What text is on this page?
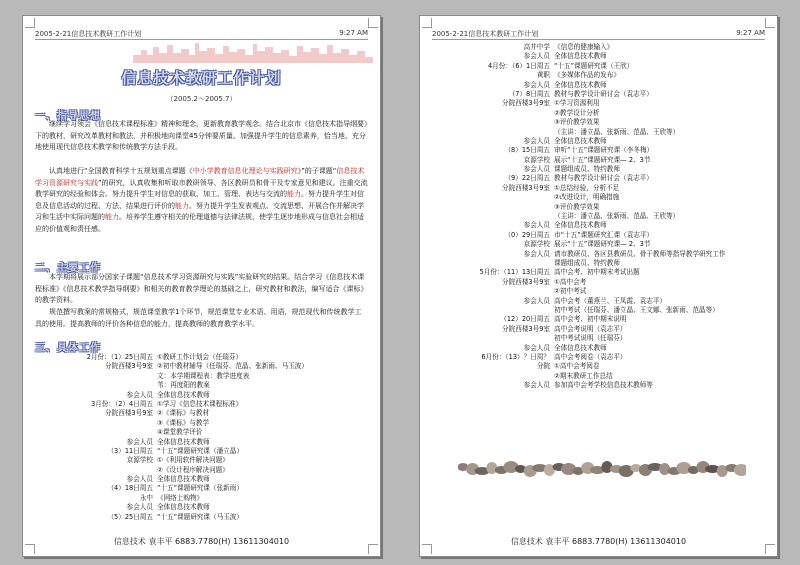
2005-2-21信息技术教研工作计划	9:27 AM
信息技术教研工作计划
（2005.2～2005.7）
一、指导思想
继续学习领会《信息技术课程标准》精神和理念，更新教育教学观念。结合北京市《信息技术指导纲要》下的教材，研究改革教材和教法，并积极地向课堂45分钟要质量。加强提升学生的信息素养，恰当地、充分地使用现代信息技术教学和传统教学方法手段。
认真地进行“全国教育科学十五规划重点课题《中小学教育信息化理论与实践研究》”的子课题“信息技术学习资源研究与实践”的研究，认真收集和听取市教研领导、各区教研员和骨干及专家意见和建议。注重交流教学研究的经验和体会。努力提升学生对信息的获取、加工、管理、表达与交流的能力。努力提升学生对信息及信息活动的过程、方法、结果进行评价的能力。努力提升学生发表观点、交流思想、开展合作并解决学习和生活中实际问题的能力。培养学生遵守相关的伦理道德与法律法规，使学生逐步地形成与信息社会相适应的价值观和责任感。
二、主要工作
本学期将展示部分国家子课题“信息技术学习资源研究与实践”实验研究的结果。结合学习《信息技术课程标准》《信息技术教学指导纲要》和相关的教育教学理论的基础之上，研究教材和教法，编写适合《课标》的教学资料。
规范撰写教案的常规格式，规范课堂教学1个环节，规范课堂专业术语、用语，规范现代和传统教学工具的使用。提高教师的评价各种信息的能力，提高教师的教育教学水平。
三、具体工作
2月份：（1）25日周五 ①教研工作计划会（任瑞芬）
分院西楼3号9室 ②初中教材辅导（任瑞芬、范晶、张新雨、马玉波）
文：本学期课程表：教学进度表
苇：再度阳的教案
参会人员 全体信息技术教师
3月份：（2）4日周五 ①学习《信息技术课程标准》
分院西楼3号9室 ②《课标》与教材
③《课标》与教学
④课堂教学评价
参会人员 全体信息技术教师
（3）11日周五 “十五”课题研究课（潘立晶）
京源学校 ①《利用软件解决问题》
②《设计程序解决问题》
参会人员 全体信息技术教师
（4）18日周五 “十五”课题研究课（张新雨）
永中 《网络上购物》
参会人员 全体信息技术教师
（5）25日周五 “十五”课题研究课（马玉波）
信息技术 袁丰平 6883.7780(H) 13611304010
2005-2-21信息技术教研工作计划	9:27 AM
高井中学 《信息的健康输入》
参会人员 全体信息技术教师
4月份：（6）1日周五 “十五”课题研究课（王欣）
黄职 《多媒体作品的发布》
参会人员 全体信息技术教师
（7）8日周五 教材与教学设计研讨会（袁志平）
分院西楼3号9室 ①学习资源利用
②教学设计分析
③评价教学效果
（主讲：潘立晶、张新雨、范晶、王欣等）
参会人员 全体信息技术教师
（8）15日周五 审听“十五”课题研究课（李冬梅）
京源学校 展示“十五”课题研究课— 2、3节
参会人员 课题组成员、特约教师
（9）22日周五 教材与教学设计研讨会（袁志平）
分院西楼3号9室 ①总结经验，分析不足
②改进设计，明确措施
③评价教学效果
（主讲：潘立晶、张新雨、范晶、王欣等）
参会人员 全体信息技术教师
（0）29日周五 市“十五”课题研究汇课（袁志平）
京源学校 展示“十五”课题研究课— 2、3节
参会人员 请市教研员、各区县教研员、骨干教师等指导教学研究工作
课题组成员、特约教师
5月份：（11）13日周五 高中会考、初中期末考试出题
分院西楼3号9室 ①高中会考
②初中考试
参会人员 高中会考（董燕兰、王凤霞、袁志平）
初中考试（任瑞芬、潘立晶、王文娜、张新雨、范晶等）
（12）20日周五 高中会考、初中期末说明
分院西楼3号9室 高中会考说明（袁志平）
初中考试说明（任瑞芬）
参会人员 全体信息技术教师
6月份：（13）？日周？ 高中会考阅卷（袁志平）
分院 ①高中会考阅卷
②期末教研工作总结
参会人员 参加高中会考学校信息技术教师等
信息技术 袁丰平 6883.7780(H) 13611304010
